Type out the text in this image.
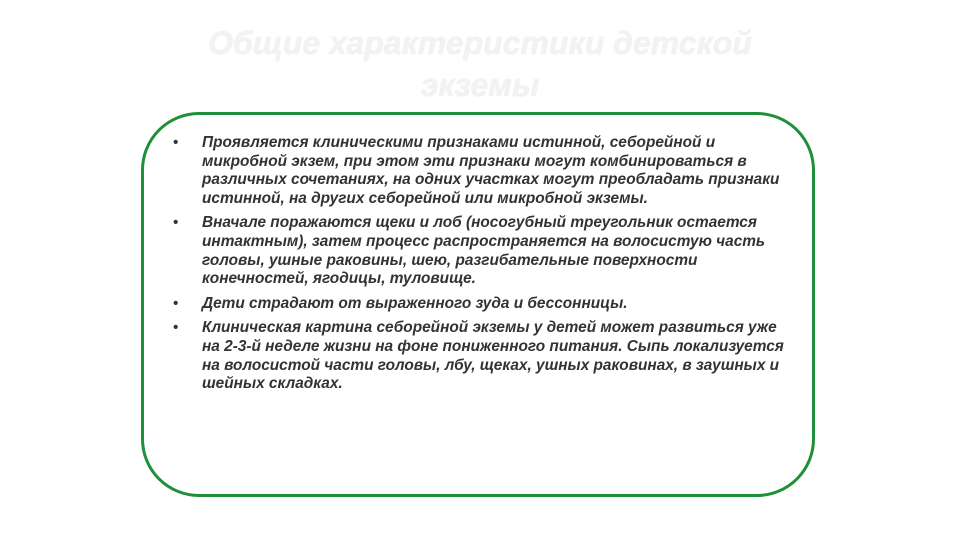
Общие характеристики детской экземы
• Проявляется клиническими признаками истинной, себорейной и микробной экзем, при этом эти признаки могут комбинироваться в различных сочетаниях, на одних участках могут преобладать признаки истинной, на других себорейной или микробной экземы.
• Вначале поражаются щеки и лоб (носогубный треугольник остается интактным), затем процесс распространяется на волосистую часть головы, ушные раковины, шею, разгибательные поверхности конечностей, ягодицы, туловище.
• Дети страдают от выраженного зуда и бессонницы.
• Клиническая картина себорейной экземы у детей может развиться уже на 2-3-й неделе жизни на фоне пониженного питания. Сыпь локализуется на волосистой части головы, лбу, щеках, ушных раковинах, в заушных и шейных складках.
